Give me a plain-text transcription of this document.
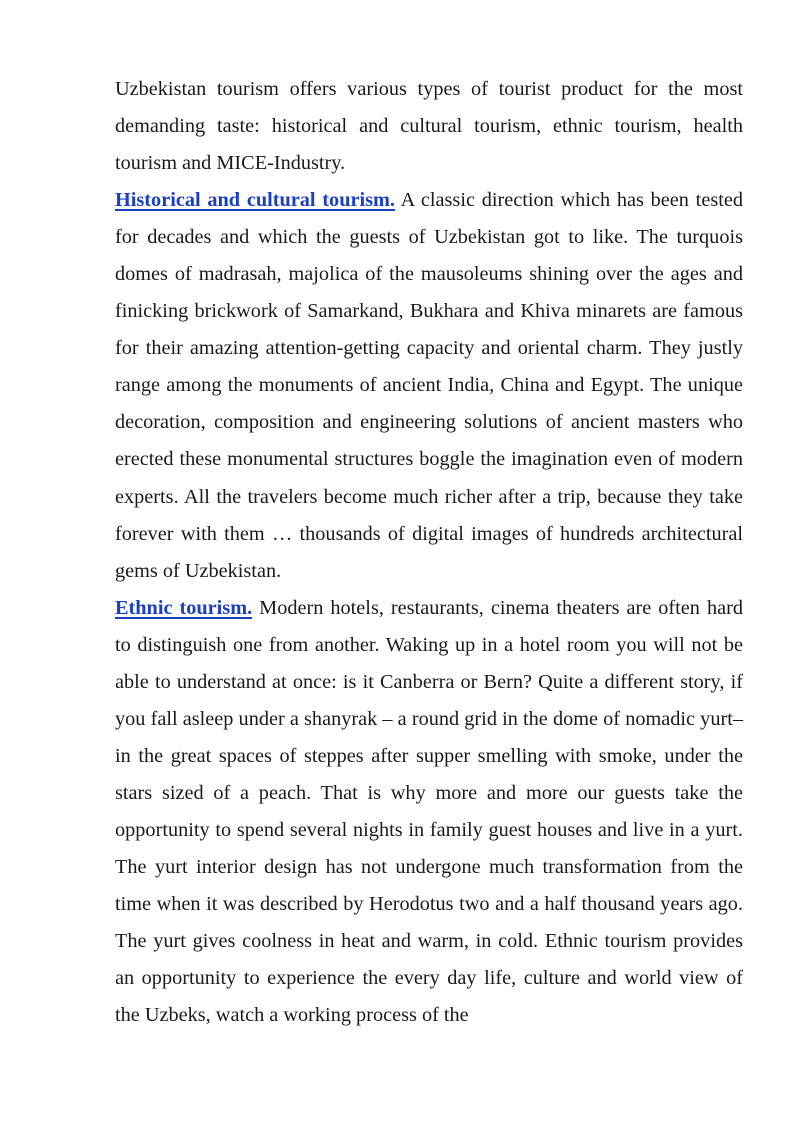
Uzbekistan tourism offers various types of tourist product for the most demanding taste: historical and cultural tourism, ethnic tourism, health tourism and MICE-Industry.

Historical and cultural tourism. A classic direction which has been tested for decades and which the guests of Uzbekistan got to like. The turquois domes of madrasah, majolica of the mausoleums shining over the ages and finicking brickwork of Samarkand, Bukhara and Khiva minarets are famous for their amazing attention-getting capacity and oriental charm. They justly range among the monuments of ancient India, China and Egypt. The unique decoration, composition and engineering solutions of ancient masters who erected these monumental structures boggle the imagination even of modern experts. All the travelers become much richer after a trip, because they take forever with them … thousands of digital images of hundreds architectural gems of Uzbekistan.

Ethnic tourism. Modern hotels, restaurants, cinema theaters are often hard to distinguish one from another. Waking up in a hotel room you will not be able to understand at once: is it Canberra or Bern? Quite a different story, if you fall asleep under a shanyrak – a round grid in the dome of nomadic yurt– in the great spaces of steppes after supper smelling with smoke, under the stars sized of a peach. That is why more and more our guests take the opportunity to spend several nights in family guest houses and live in a yurt. The yurt interior design has not undergone much transformation from the time when it was described by Herodotus two and a half thousand years ago. The yurt gives coolness in heat and warm, in cold. Ethnic tourism provides an opportunity to experience the every day life, culture and world view of the Uzbeks, watch a working process of the
